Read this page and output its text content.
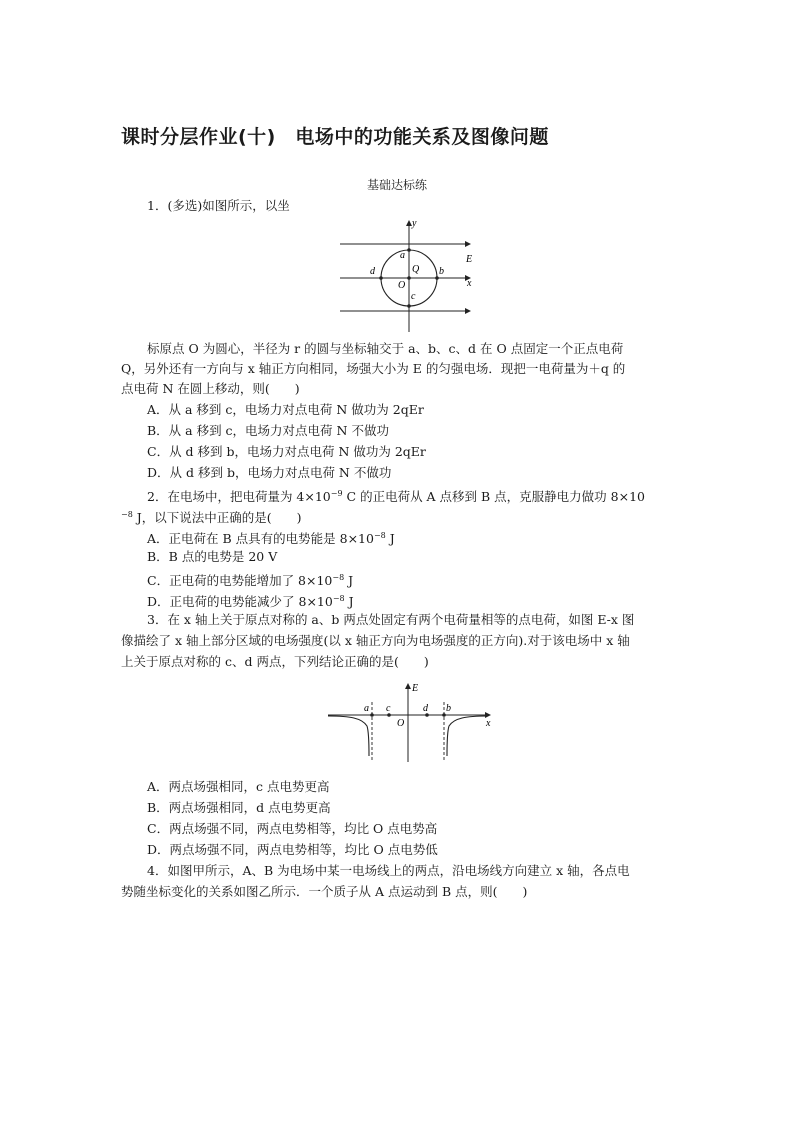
课时分层作业(十)　电场中的功能关系及图像问题
基础达标练
1．(多选)如图所示，以坐
y
a
d	Q b
E
O	x
c
标原点 O 为圆心，半径为 r 的圆与坐标轴交于 a、b、c、d 在 O 点固定一个正点电荷
Q，另外还有一方向与 x 轴正方向相同，场强大小为 E 的匀强电场．现把一电荷量为＋q 的
点电荷 N 在圆上移动，则(　　)
A．从 a 移到 c，电场力对点电荷 N 做功为 2qEr
B．从 a 移到 c，电场力对点电荷 N 不做功
C．从 d 移到 b，电场力对点电荷 N 做功为 2qEr
D．从 d 移到 b，电场力对点电荷 N 不做功
2．在电场中，把电荷量为 $4\times 10^{-9}$ C 的正电荷从 A 点移到 B 点，克服静电力做功 8×10
$^{-8}$ J，以下说法中正确的是(　　)
A．正电荷在 B 点具有的电势能是 $8\times 10^{-8}$ J
B．B 点的电势是 20 V
C．正电荷的电势能增加了 $8\times 10^{-8}$ J
D．正电荷的电势能减少了 $8\times 10^{-8}$ J
3．在 x 轴上关于原点对称的 a、b 两点处固定有两个电荷量相等的点电荷，如图 E-x 图
像描绘了 x 轴上部分区域的电场强度(以 x 轴正方向为电场强度的正方向).对于该电场中 x 轴
上关于原点对称的 c、d 两点，下列结论正确的是(　　)
E
a c	d b
O	x
A．两点场强相同，c 点电势更高
B．两点场强相同，d 点电势更高
C．两点场强不同，两点电势相等，均比 O 点电势高
D．两点场强不同，两点电势相等，均比 O 点电势低
4．如图甲所示，A、B 为电场中某一电场线上的两点，沿电场线方向建立 x 轴，各点电
势随坐标变化的关系如图乙所示．一个质子从 A 点运动到 B 点，则(　　)
